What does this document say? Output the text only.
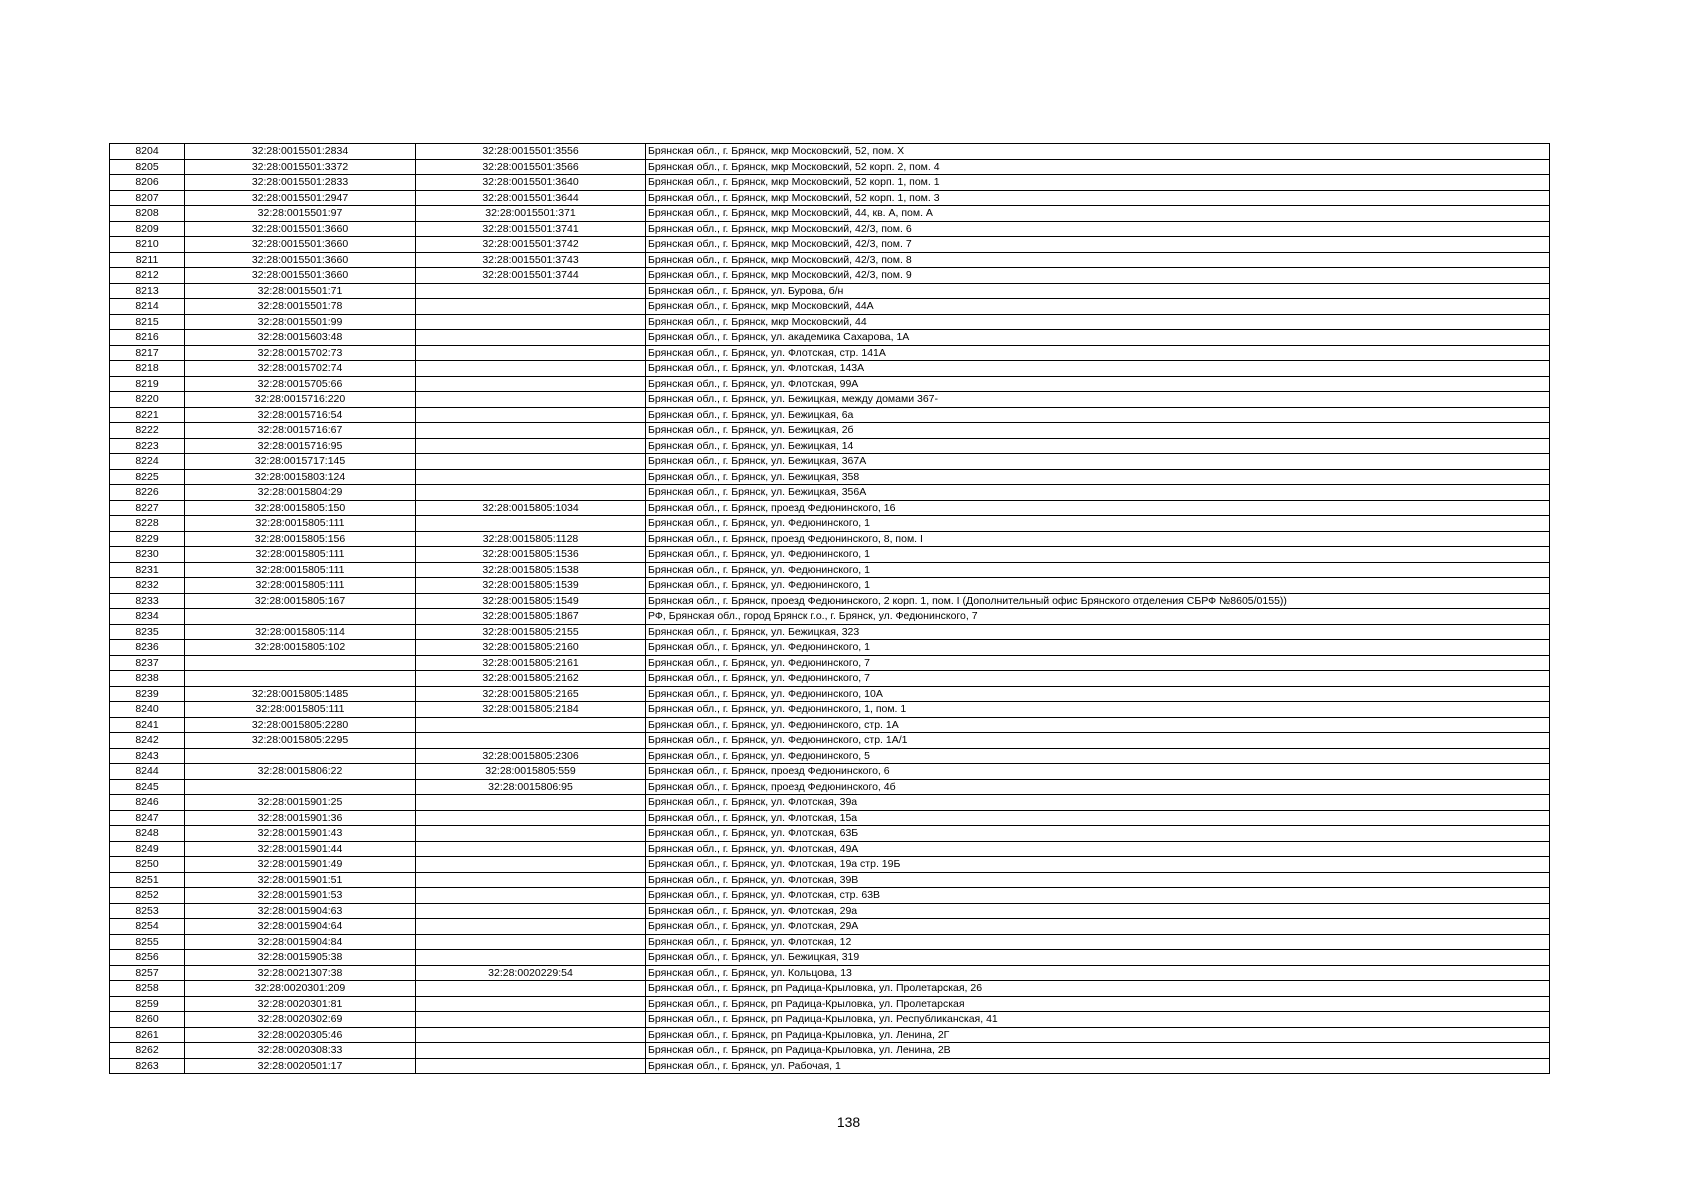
8204	32:28:0015501:2834	32:28:0015501:3556	Брянская обл., г. Брянск, мкр Московский, 52, пом. X
8205	32:28:0015501:3372	32:28:0015501:3566	Брянская обл., г. Брянск, мкр Московский, 52 корп. 2, пом. 4
8206	32:28:0015501:2833	32:28:0015501:3640	Брянская обл., г. Брянск, мкр Московский, 52 корп. 1, пом. 1
8207	32:28:0015501:2947	32:28:0015501:3644	Брянская обл., г. Брянск, мкр Московский, 52 корп. 1, пом. 3
8208	32:28:0015501:97	32:28:0015501:371	Брянская обл., г. Брянск, мкр Московский, 44, кв. А, пом. А
8209	32:28:0015501:3660	32:28:0015501:3741	Брянская обл., г. Брянск, мкр Московский, 42/3, пом. 6
8210	32:28:0015501:3660	32:28:0015501:3742	Брянская обл., г. Брянск, мкр Московский, 42/3, пом. 7
8211	32:28:0015501:3660	32:28:0015501:3743	Брянская обл., г. Брянск, мкр Московский, 42/3, пом. 8
8212	32:28:0015501:3660	32:28:0015501:3744	Брянская обл., г. Брянск, мкр Московский, 42/3, пом. 9
8213	32:28:0015501:71		Брянская обл., г. Брянск, ул. Бурова, б/н
8214	32:28:0015501:78		Брянская обл., г. Брянск, мкр Московский, 44А
8215	32:28:0015501:99		Брянская обл., г. Брянск, мкр Московский, 44
8216	32:28:0015603:48		Брянская обл., г. Брянск, ул. академика Сахарова, 1А
8217	32:28:0015702:73		Брянская обл., г. Брянск, ул. Флотская, стр. 141А
8218	32:28:0015702:74		Брянская обл., г. Брянск, ул. Флотская, 143А
8219	32:28:0015705:66		Брянская обл., г. Брянск, ул. Флотская, 99А
8220	32:28:0015716:220		Брянская обл., г. Брянск, ул. Бежицкая, между домами 367-
8221	32:28:0015716:54		Брянская обл., г. Брянск, ул. Бежицкая, 6а
8222	32:28:0015716:67		Брянская обл., г. Брянск, ул. Бежицкая, 2б
8223	32:28:0015716:95		Брянская обл., г. Брянск, ул. Бежицкая, 14
8224	32:28:0015717:145		Брянская обл., г. Брянск, ул. Бежицкая, 367А
8225	32:28:0015803:124		Брянская обл., г. Брянск, ул. Бежицкая, 358
8226	32:28:0015804:29		Брянская обл., г. Брянск, ул. Бежицкая, 356А
8227	32:28:0015805:150	32:28:0015805:1034	Брянская обл., г. Брянск, проезд Федюнинского, 16
8228	32:28:0015805:111		Брянская обл., г. Брянск, ул. Федюнинского, 1
8229	32:28:0015805:156	32:28:0015805:1128	Брянская обл., г. Брянск, проезд Федюнинского, 8, пом. I
8230	32:28:0015805:111	32:28:0015805:1536	Брянская обл., г. Брянск, ул. Федюнинского, 1
8231	32:28:0015805:111	32:28:0015805:1538	Брянская обл., г. Брянск, ул. Федюнинского, 1
8232	32:28:0015805:111	32:28:0015805:1539	Брянская обл., г. Брянск, ул. Федюнинского, 1
8233	32:28:0015805:167	32:28:0015805:1549	Брянская обл., г. Брянск, проезд Федюнинского, 2 корп. 1, пом. I (Дополнительный офис Брянского отделения СБРФ №8605/0155))
8234		32:28:0015805:1867	РФ, Брянская обл., город Брянск г.о., г. Брянск, ул. Федюнинского, 7
8235	32:28:0015805:114	32:28:0015805:2155	Брянская обл., г. Брянск, ул. Бежицкая, 323
8236	32:28:0015805:102	32:28:0015805:2160	Брянская обл., г. Брянск, ул. Федюнинского, 1
8237		32:28:0015805:2161	Брянская обл., г. Брянск, ул. Федюнинского, 7
8238		32:28:0015805:2162	Брянская обл., г. Брянск, ул. Федюнинского, 7
8239	32:28:0015805:1485	32:28:0015805:2165	Брянская обл., г. Брянск, ул. Федюнинского, 10А
8240	32:28:0015805:111	32:28:0015805:2184	Брянская обл., г. Брянск, ул. Федюнинского, 1, пом. 1
8241	32:28:0015805:2280		Брянская обл., г. Брянск, ул. Федюнинского, стр. 1А
8242	32:28:0015805:2295		Брянская обл., г. Брянск, ул. Федюнинского, стр. 1А/1
8243		32:28:0015805:2306	Брянская обл., г. Брянск, ул. Федюнинского, 5
8244	32:28:0015806:22	32:28:0015805:559	Брянская обл., г. Брянск, проезд Федюнинского, 6
8245		32:28:0015806:95	Брянская обл., г. Брянск, проезд Федюнинского, 4б
8246	32:28:0015901:25		Брянская обл., г. Брянск, ул. Флотская, 39а
8247	32:28:0015901:36		Брянская обл., г. Брянск, ул. Флотская, 15а
8248	32:28:0015901:43		Брянская обл., г. Брянск, ул. Флотская, 63Б
8249	32:28:0015901:44		Брянская обл., г. Брянск, ул. Флотская, 49А
8250	32:28:0015901:49		Брянская обл., г. Брянск, ул. Флотская, 19а стр. 19Б
8251	32:28:0015901:51		Брянская обл., г. Брянск, ул. Флотская, 39В
8252	32:28:0015901:53		Брянская обл., г. Брянск, ул. Флотская, стр. 63В
8253	32:28:0015904:63		Брянская обл., г. Брянск, ул. Флотская, 29а
8254	32:28:0015904:64		Брянская обл., г. Брянск, ул. Флотская, 29А
8255	32:28:0015904:84		Брянская обл., г. Брянск, ул. Флотская, 12
8256	32:28:0015905:38		Брянская обл., г. Брянск, ул. Бежицкая, 319
8257	32:28:0021307:38	32:28:0020229:54	Брянская обл., г. Брянск, ул. Кольцова, 13
8258	32:28:0020301:209		Брянская обл., г. Брянск, рп Радица-Крыловка, ул. Пролетарская, 26
8259	32:28:0020301:81		Брянская обл., г. Брянск, рп Радица-Крыловка, ул. Пролетарская
8260	32:28:0020302:69		Брянская обл., г. Брянск, рп Радица-Крыловка, ул. Республиканская, 41
8261	32:28:0020305:46		Брянская обл., г. Брянск, рп Радица-Крыловка, ул. Ленина, 2Г
8262	32:28:0020308:33		Брянская обл., г. Брянск, рп Радица-Крыловка, ул. Ленина, 2В
8263	32:28:0020501:17		Брянская обл., г. Брянск, ул. Рабочая, 1
138
